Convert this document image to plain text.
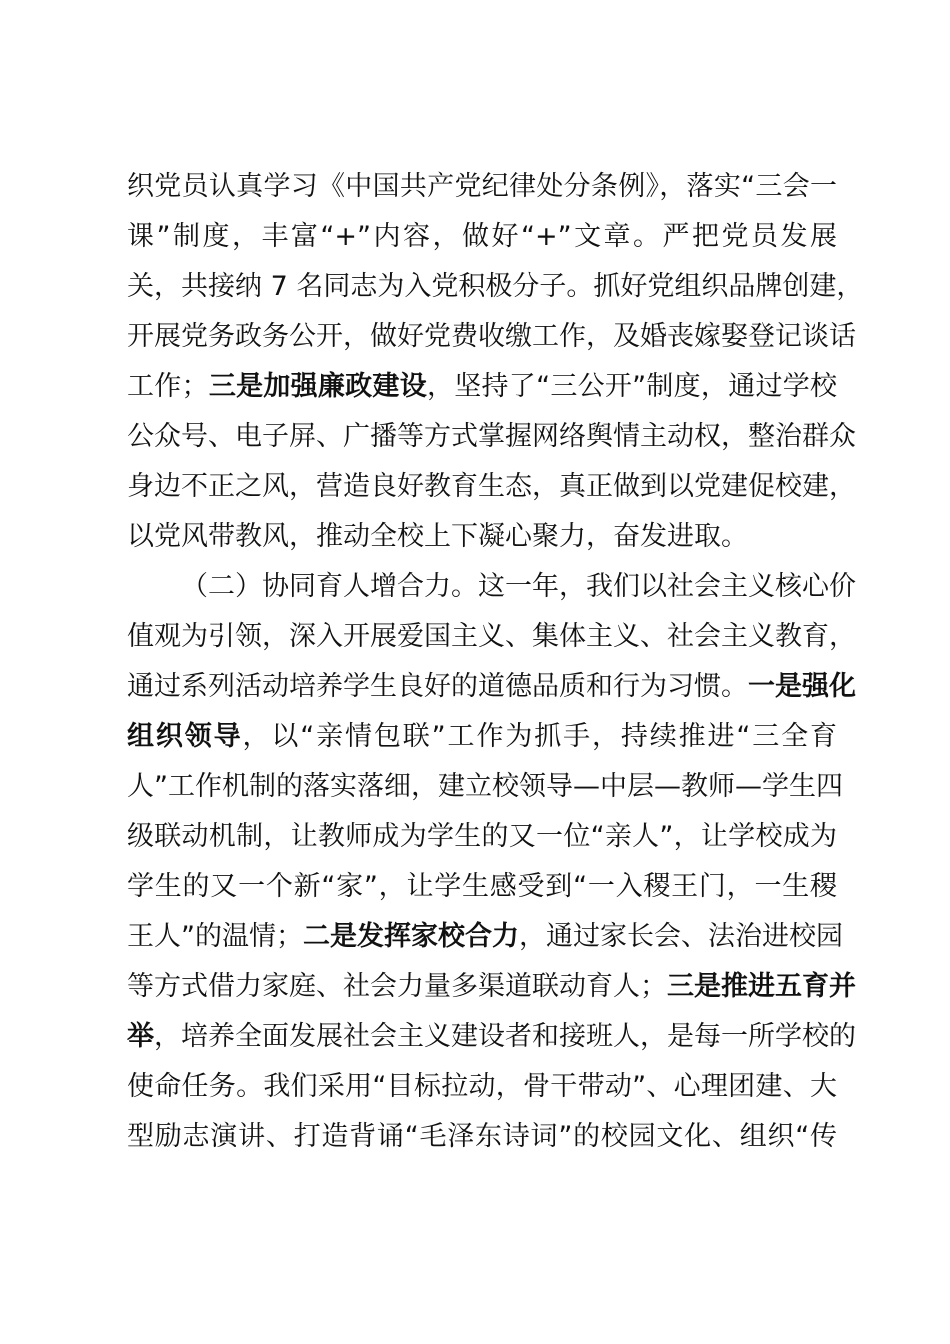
织党员认真学习《中国共产党纪律处分条例》，落实“三会一
课”制度，丰富“+”内容，做好“+”文章。严把党员发展
关，共接纳 7 名同志为入党积极分子。抓好党组织品牌创建，
开展党务政务公开，做好党费收缴工作，及婚丧嫁娶登记谈话
工作；三是加强廉政建设，坚持了“三公开”制度，通过学校
公众号、电子屏、广播等方式掌握网络舆情主动权，整治群众
身边不正之风，营造良好教育生态，真正做到以党建促校建，
以党风带教风，推动全校上下凝心聚力，奋发进取。
（二）协同育人增合力。这一年，我们以社会主义核心价
值观为引领，深入开展爱国主义、集体主义、社会主义教育，
通过系列活动培养学生良好的道德品质和行为习惯。一是强化
组织领导，以“亲情包联”工作为抓手，持续推进“三全育
人”工作机制的落实落细，建立校领导—中层—教师—学生四
级联动机制，让教师成为学生的又一位“亲人”，让学校成为
学生的又一个新“家”，让学生感受到“一入稷王门，一生稷
王人”的温情；二是发挥家校合力，通过家长会、法治进校园
等方式借力家庭、社会力量多渠道联动育人；三是推进五育并
举，培养全面发展社会主义建设者和接班人，是每一所学校的
使命任务。我们采用“目标拉动，骨干带动”、心理团建、大
型励志演讲、打造背诵“毛泽东诗词”的校园文化、组织“传
